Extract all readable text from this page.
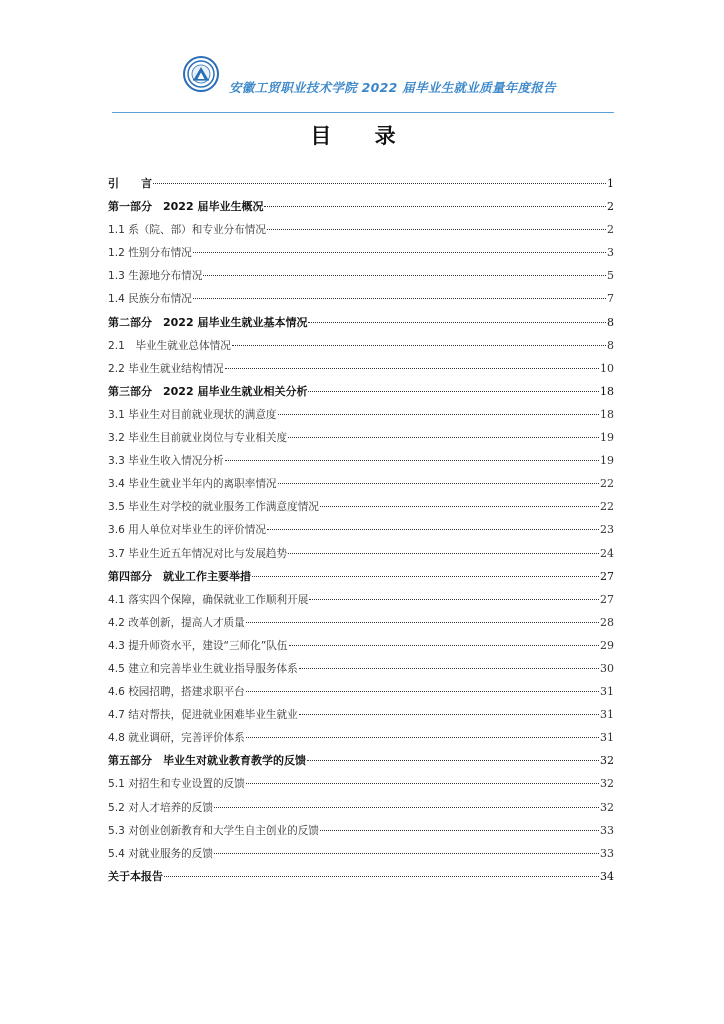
安徽工贸职业技术学院 2022 届毕业生就业质量年度报告
目 录
引　　言	1
第一部分　2022 届毕业生概况	2
1.1 系（院、部）和专业分布情况	2
1.2 性别分布情况	3
1.3 生源地分布情况	5
1.4 民族分布情况	7
第二部分　2022 届毕业生就业基本情况	8
2.1　毕业生就业总体情况	8
2.2 毕业生就业结构情况	10
第三部分　2022 届毕业生就业相关分析	18
3.1 毕业生对目前就业现状的满意度	18
3.2 毕业生目前就业岗位与专业相关度	19
3.3 毕业生收入情况分析	19
3.4 毕业生就业半年内的离职率情况	22
3.5 毕业生对学校的就业服务工作满意度情况	22
3.6 用人单位对毕业生的评价情况	23
3.7 毕业生近五年情况对比与发展趋势	24
第四部分　就业工作主要举措	27
4.1 落实四个保障，确保就业工作顺利开展	27
4.2 改革创新，提高人才质量	28
4.3 提升师资水平，建设“三师化”队伍	29
4.5 建立和完善毕业生就业指导服务体系	30
4.6 校园招聘，搭建求职平台	31
4.7 结对帮扶，促进就业困难毕业生就业	31
4.8 就业调研，完善评价体系	31
第五部分　毕业生对就业教育教学的反馈	32
5.1 对招生和专业设置的反馈	32
5.2 对人才培养的反馈	32
5.3 对创业创新教育和大学生自主创业的反馈	33
5.4 对就业服务的反馈	33
关于本报告	34
